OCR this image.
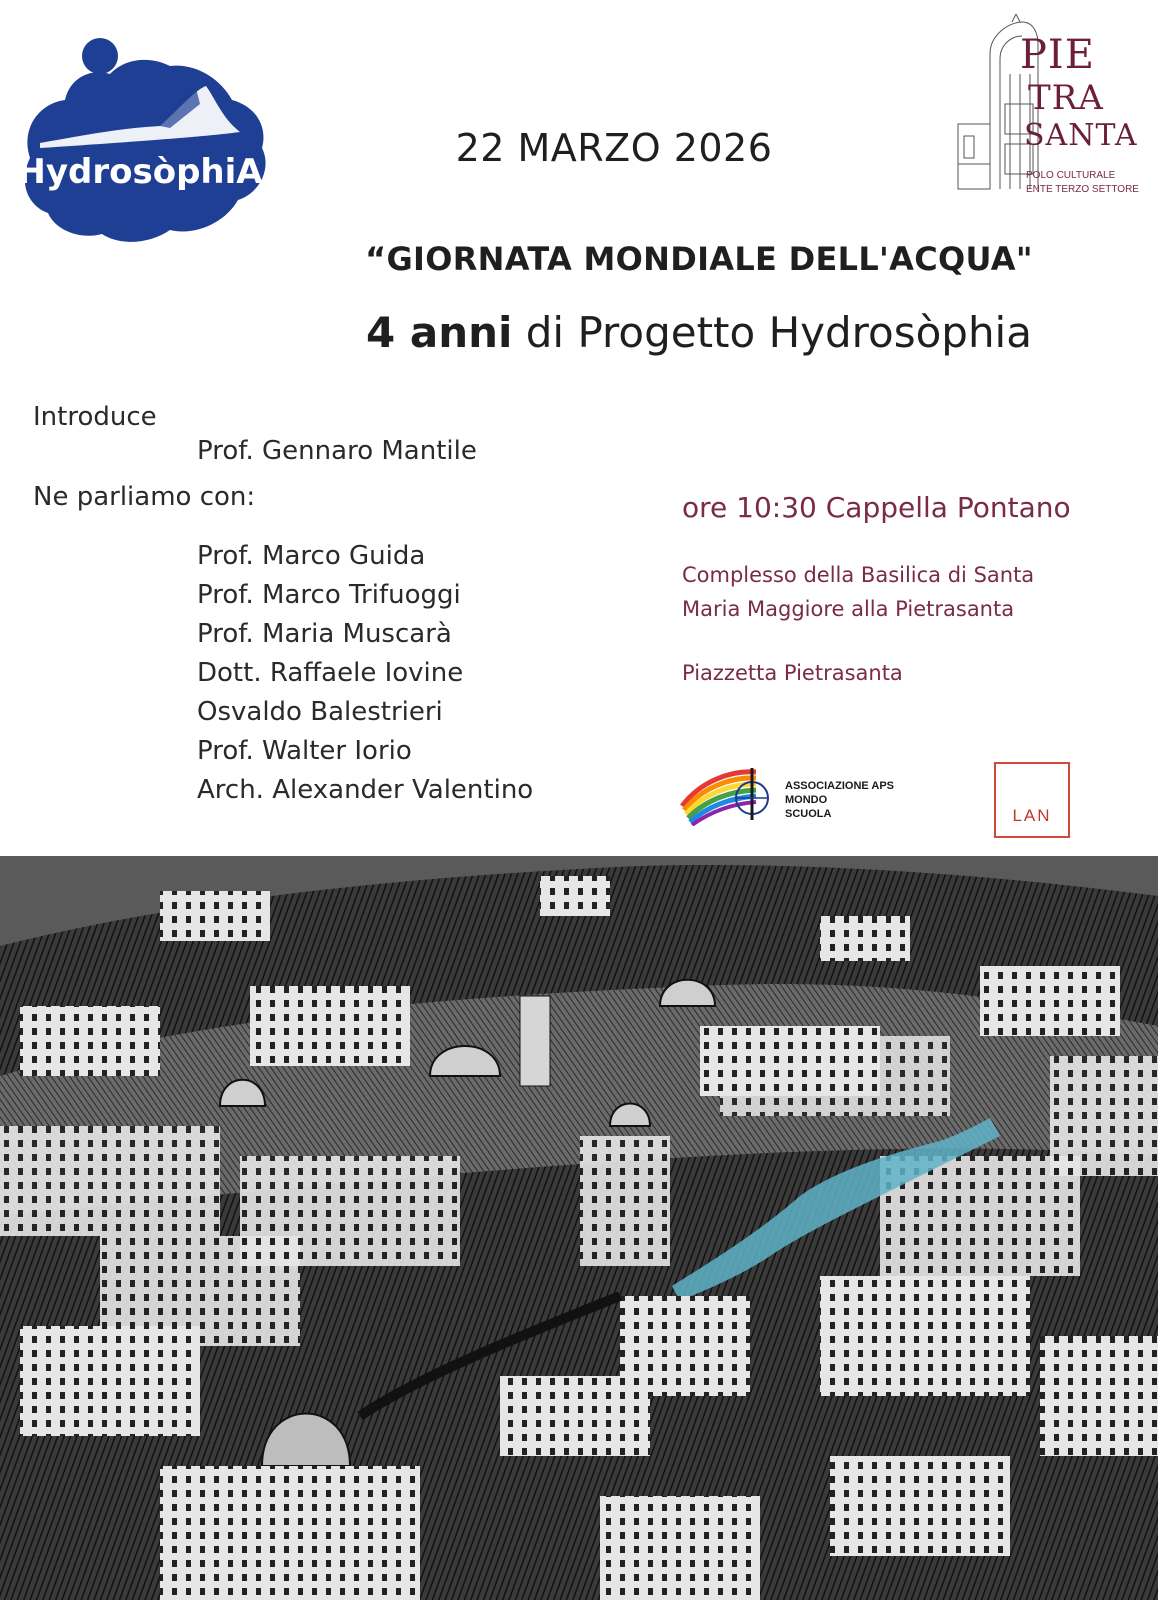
HydrosòphiA
PIE
TRA
SANTA
POLO CULTURALE
ENTE TERZO SETTORE
22 MARZO 2026
“GIORNATA MONDIALE DELL'ACQUA"
4 anni di Progetto Hydrosòphia
Introduce
Prof. Gennaro Mantile
Ne parliamo con:
Prof. Marco Guida
Prof. Marco Trifuoggi
Prof. Maria Muscarà
Dott. Raffaele Iovine
Osvaldo Balestrieri
Prof. Walter Iorio
Arch. Alexander Valentino
ore 10:30 Cappella Pontano
Complesso della Basilica di Santa
Maria Maggiore alla Pietrasanta
Piazzetta Pietrasanta
ASSOCIAZIONE APS
MONDO
SCUOLA	LAN
